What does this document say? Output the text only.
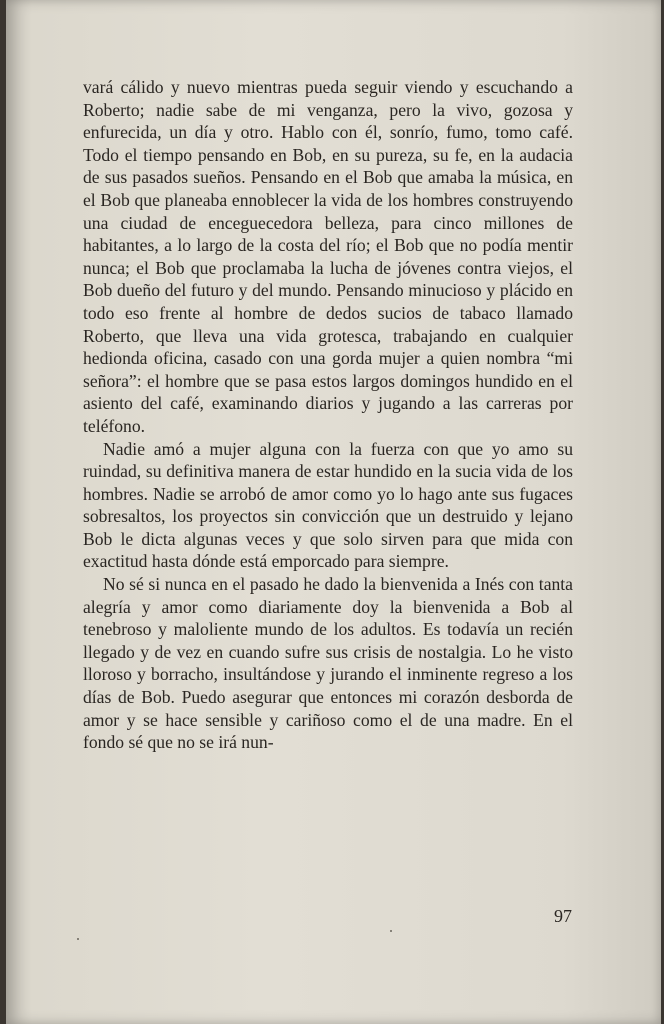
vará cálido y nuevo mientras pueda seguir viendo y escuchando a Roberto; nadie sabe de mi venganza, pero la vivo, gozosa y enfurecida, un día y otro. Hablo con él, sonrío, fumo, tomo café. Todo el tiempo pensando en Bob, en su pureza, su fe, en la audacia de sus pasados sueños. Pensando en el Bob que amaba la música, en el Bob que planeaba ennoblecer la vida de los hombres construyendo una ciudad de enceguecedora belleza, para cinco millones de habitantes, a lo largo de la costa del río; el Bob que no podía mentir nunca; el Bob que proclamaba la lucha de jóvenes contra viejos, el Bob dueño del futuro y del mundo. Pensando minucioso y plácido en todo eso frente al hombre de dedos sucios de tabaco llamado Roberto, que lleva una vida grotesca, trabajando en cualquier hedionda oficina, casado con una gorda mujer a quien nombra “mi señora”: el hombre que se pasa estos largos domingos hundido en el asiento del café, examinando diarios y jugando a las carreras por teléfono.

Nadie amó a mujer alguna con la fuerza con que yo amo su ruindad, su definitiva manera de estar hundido en la sucia vida de los hombres. Nadie se arrobó de amor como yo lo hago ante sus fugaces sobresaltos, los proyectos sin convicción que un destruido y lejano Bob le dicta algunas veces y que solo sirven para que mida con exactitud hasta dónde está emporcado para siempre.

No sé si nunca en el pasado he dado la bienvenida a Inés con tanta alegría y amor como diariamente doy la bienvenida a Bob al tenebroso y maloliente mundo de los adultos. Es todavía un recién llegado y de vez en cuando sufre sus crisis de nostalgia. Lo he visto lloroso y borracho, insultándose y jurando el inminente regreso a los días de Bob. Puedo asegurar que entonces mi corazón desborda de amor y se hace sensible y cariñoso como el de una madre. En el fondo sé que no se irá nun-

97
